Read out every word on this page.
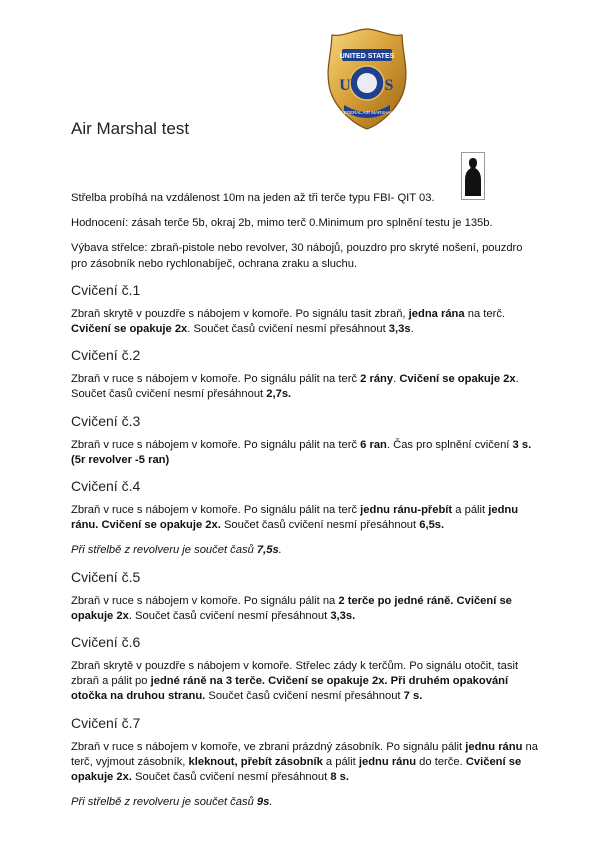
UNITED STATES
U S
FEDERAL AIR MARSHAL
Air Marshal test

Střelba probíhá na vzdálenost 10m na jeden až tři terče typu FBI- QIT 03.

Hodnocení: zásah terče 5b, okraj 2b, mimo terč 0.Minimum pro splnění testu je 135b.

Výbava střelce: zbraň-pistole nebo revolver, 30 nábojů, pouzdro pro skryté nošení, pouzdro pro zásobník nebo rychlonabíječ, ochrana zraku a sluchu.

Cvičení č.1

Zbraň skrytě v pouzdře s nábojem v komoře. Po signálu tasit zbraň, jedna rána na terč. Cvičení se opakuje 2x. Součet časů cvičení nesmí přesáhnout 3,3s.

Cvičení č.2

Zbraň v ruce s nábojem v komoře. Po signálu pálit na terč 2 rány. Cvičení se opakuje 2x. Součet časů cvičení nesmí přesáhnout 2,7s.

Cvičení č.3

Zbraň v ruce s nábojem v komoře. Po signálu pálit na terč 6 ran. Čas pro splnění cvičení 3 s. (5r revolver -5 ran)

Cvičení č.4

Zbraň v ruce s nábojem v komoře. Po signálu pálit na terč jednu ránu-přebít a pálit jednu ránu. Cvičení se opakuje 2x. Součet časů cvičení nesmí přesáhnout 6,5s.

Při střelbě z revolveru je součet časů 7,5s.

Cvičení č.5

Zbraň v ruce s nábojem v komoře. Po signálu pálit na 2 terče po jedné ráně. Cvičení se opakuje 2x. Součet časů cvičení nesmí přesáhnout 3,3s.

Cvičení č.6

Zbraň skrytě v pouzdře s nábojem v komoře. Střelec zády k terčům. Po signálu otočit, tasit zbraň a pálit po jedné ráně na 3 terče. Cvičení se opakuje 2x. Při druhém opakování otočka na druhou stranu. Součet časů cvičení nesmí přesáhnout 7 s.

Cvičení č.7

Zbraň v ruce s nábojem v komoře, ve zbrani prázdný zásobník. Po signálu pálit jednu ránu na terč, vyjmout zásobník, kleknout, přebít zásobník a pálit jednu ránu do terče. Cvičení se opakuje 2x. Součet časů cvičení nesmí přesáhnout 8 s.

Při střelbě z revolveru je součet časů 9s.
